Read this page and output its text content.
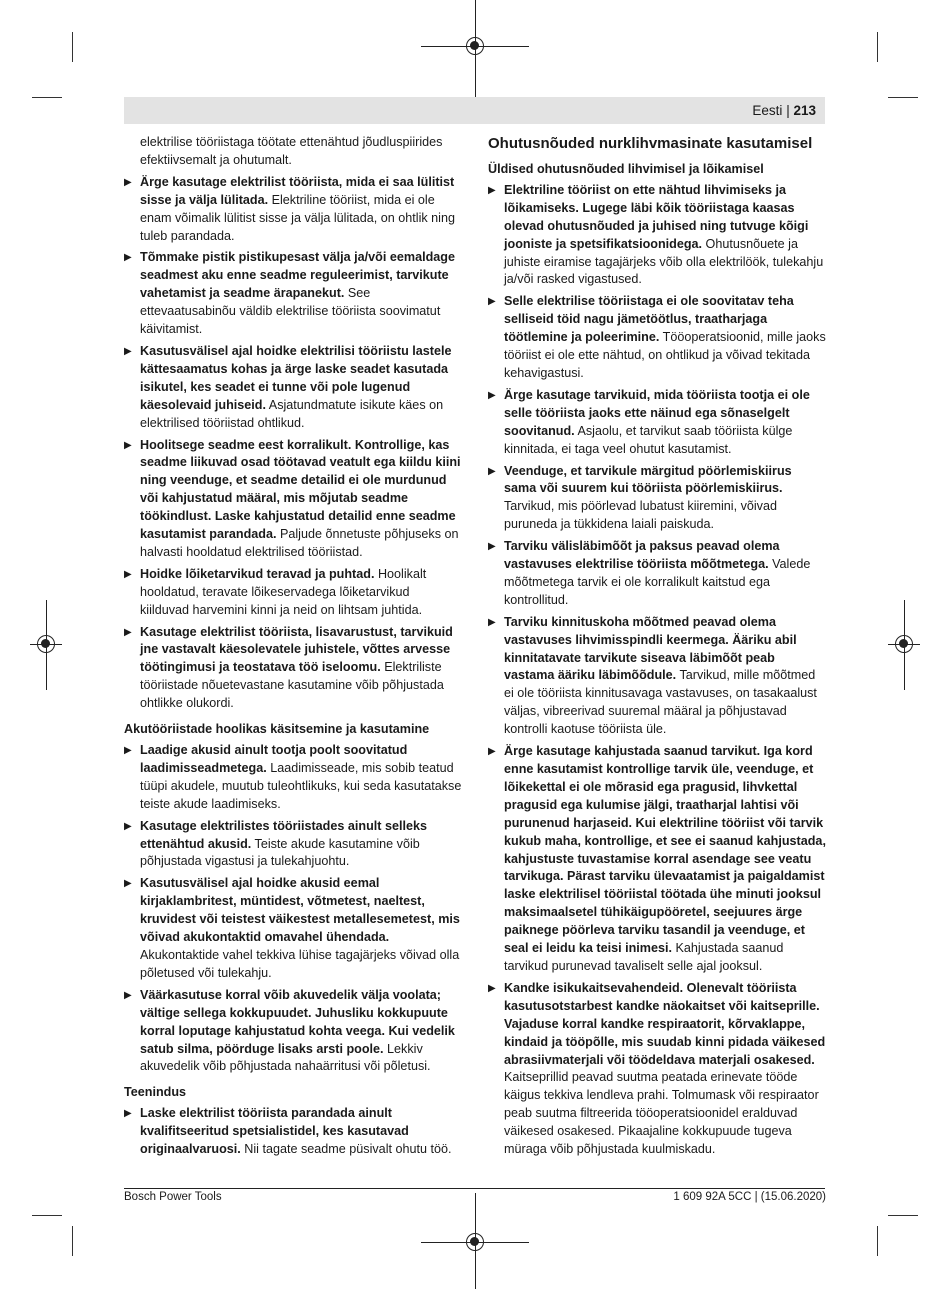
Eesti | 213

elektrilise tööriistaga töötate ettenähtud jõudluspiirides efektiivsemalt ja ohutumalt.

▶ Ärge kasutage elektrilist tööriista, mida ei saa lülitist sisse ja välja lülitada. Elektriline tööriist, mida ei ole enam võimalik lülitist sisse ja välja lülitada, on ohtlik ning tuleb parandada.
▶ Tõmmake pistik pistikupesast välja ja/või eemaldage seadmest aku enne seadme reguleerimist, tarvikute vahetamist ja seadme ärapanekut. See ettevaatusabinõu väldib elektrilise tööriista soovimatut käivitamist.
▶ Kasutusvälisel ajal hoidke elektrilisi tööriistu lastele kättesaamatus kohas ja ärge laske seadet kasutada isikutel, kes seadet ei tunne või pole lugenud käesolevaid juhiseid. Asjatundmatute isikute käes on elektrilised tööriistad ohtlikud.
▶ Hoolitsege seadme eest korralikult. Kontrollige, kas seadme liikuvad osad töötavad veatult ega kiildu kiini ning veenduge, et seadme detailid ei ole murdunud või kahjustatud määral, mis mõjutab seadme töökindlust. Laske kahjustatud detailid enne seadme kasutamist parandada. Paljude õnnetuste põhjuseks on halvasti hooldatud elektrilised tööriistad.
▶ Hoidke lõiketarvikud teravad ja puhtad. Hoolikalt hooldatud, teravate lõikeservadega lõiketarvikud kiilduvad harvemini kinni ja neid on lihtsam juhtida.
▶ Kasutage elektrilist tööriista, lisavarustust, tarvikuid jne vastavalt käesolevatele juhistele, võttes arvesse töötingimusi ja teostatava töö iseloomu. Elektriliste tööriistade nõuetevastane kasutamine võib põhjustada ohtlikke olukordi.
Akutööriistade hoolikas käsitsemine ja kasutamine
▶ Laadige akusid ainult tootja poolt soovitatud laadimisseadmetega. Laadimisseade, mis sobib teatud tüüpi akudele, muutub tuleohtlikuks, kui seda kasutatakse teiste akude laadimiseks.
▶ Kasutage elektrilistes tööriistades ainult selleks ettenähtud akusid. Teiste akude kasutamine võib põhjustada vigastusi ja tulekahjuohtu.
▶ Kasutusvälisel ajal hoidke akusid eemal kirjaklambritest, müntidest, võtmetest, naeltest, kruvidest või teistest väikestest metallesemetest, mis võivad akukontaktid omavahel ühendada. Akukontaktide vahel tekkiva lühise tagajärjeks võivad olla põletused või tulekahju.
▶ Väärkasutuse korral võib akuvedelik välja voolata; vältige sellega kokkupuudet. Juhusliku kokkupuute korral loputage kahjustatud kohta veega. Kui vedelik satub silma, pöörduge lisaks arsti poole. Lekkiv akuvedelik võib põhjustada nahaärritusi või põletusi.
Teenindus
▶ Laske elektrilist tööriista parandada ainult kvalifitseeritud spetsialistidel, kes kasutavad originaalvaruosi. Nii tagate seadme püsivalt ohutu töö.
Ohutusnõuded nurklihvmasinate kasutamisel
Üldised ohutusnõuded lihvimisel ja lõikamisel
▶ Elektriline tööriist on ette nähtud lihvimiseks ja lõikamiseks. Lugege läbi kõik tööriistaga kaasas olevad ohutusnõuded ja juhised ning tutvuge kõigi jooniste ja spetsifikatsioonidega. Ohutusnõuete ja juhiste eiramise tagajärjeks võib olla elektrilöök, tulekahju ja/või rasked vigastused.
▶ Selle elektrilise tööriistaga ei ole soovitatav teha selliseid töid nagu jämetöötlus, traatharjaga töötlemine ja poleerimine. Tööoperatsioonid, mille jaoks tööriist ei ole ette nähtud, on ohtlikud ja võivad tekitada kehavigastusi.
▶ Ärge kasutage tarvikuid, mida tööriista tootja ei ole selle tööriista jaoks ette näinud ega sõnaselgelt soovitanud. Asjaolu, et tarvikut saab tööriista külge kinnitada, ei taga veel ohutut kasutamist.
▶ Veenduge, et tarvikule märgitud pöörlemiskiirus sama või suurem kui tööriista pöörlemiskiirus. Tarvikud, mis pöörlevad lubatust kiiremini, võivad puruneda ja tükkidena laiali paiskuda.
▶ Tarviku välisläbimõõt ja paksus peavad olema vastavuses elektrilise tööriista mõõtmetega. Valede mõõtmetega tarvik ei ole korralikult kaitstud ega kontrollitud.
▶ Tarviku kinnituskoha mõõtmed peavad olema vastavuses lihvimisspindli keermega. Ääriku abil kinnitatavate tarvikute siseava läbimõõt peab vastama ääriku läbimõõdule. Tarvikud, mille mõõtmed ei ole tööriista kinnitusavaga vastavuses, on tasakaalust väljas, vibreerivad suuremal määral ja põhjustavad kontrolli kaotuse tööriista üle.
▶ Ärge kasutage kahjustada saanud tarvikut. Iga kord enne kasutamist kontrollige tarvik üle, veenduge, et lõikekettal ei ole mõrasid ega pragusid, lihvkettal pragusid ega kulumise jälgi, traatharjal lahtisi või purunenud harjaseid. Kui elektriline tööriist või tarvik kukub maha, kontrollige, et see ei saanud kahjustada, kahjustuste tuvastamise korral asendage see veatu tarvikuga. Pärast tarviku ülevaatamist ja paigaldamist laske elektrilisel tööriistal töötada ühe minuti jooksul maksimaalsetel tühikäigupööretel, seejuures ärge paiknege pöörleva tarviku tasandil ja veenduge, et seal ei leidu ka teisi inimesi. Kahjustada saanud tarvikud purunevad tavaliselt selle ajal jooksul.
▶ Kandke isikukaitsevahendeid. Olenevalt tööriista kasutusotstarbest kandke näokaitset või kaitseprille. Vajaduse korral kandke respiraatorit, kõrvaklappe, kindaid ja tööpõlle, mis suudab kinni pidada väikesed abrasiivmaterjali või töödeldava materjali osakesed. Kaitseprillid peavad suutma peatada erinevate tööde käigus tekkiva lendleva prahi. Tolmumask või respiraator peab suutma filtreerida tööoperatsioonidel eralduvad väikesed osakesed. Pikaajaline kokkupuude tugeva müraga võib põhjustada kuulmiskadu.
Bosch Power Tools	1 609 92A 5CC | (15.06.2020)
